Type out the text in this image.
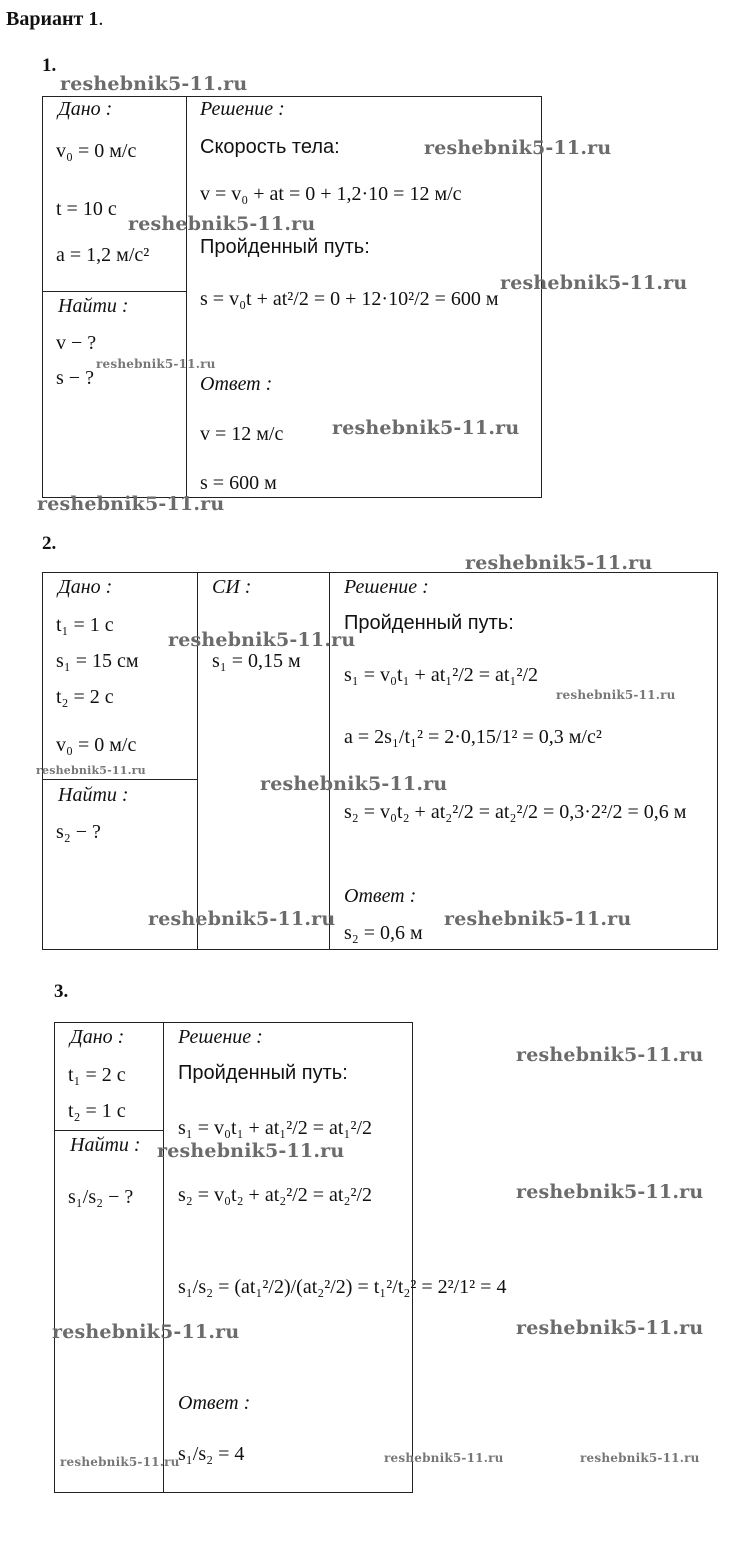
Вариант 1.
1.
Дано :
v₀ = 0 м/с
t = 10 с
a = 1,2 м/с²
Найти :
v − ?
s − ?
Решение :
Скорость тела:
v = v₀ + at = 0 + 1,2·10 = 12 м/с
Пройденный путь:
s = v₀t + at²/2 = 0 + 12·10²/2 = 600 м
Ответ :
v = 12 м/с
s = 600 м
2.
Дано :
t₁ = 1 с
s₁ = 15 см
t₂ = 2 с
v₀ = 0 м/с
Найти :
s₂ − ?
СИ :
s₁ = 0,15 м
Решение :
Пройденный путь:
s₁ = v₀t₁ + at₁²/2 = at₁²/2
a = 2s₁/t₁² = 2·0,15/1² = 0,3 м/с²
s₂ = v₀t₂ + at₂²/2 = at₂²/2 = 0,3·2²/2 = 0,6 м
Ответ :
s₂ = 0,6 м
3.
Дано :
t₁ = 2 с
t₂ = 1 с
Найти :
s₁/s₂ − ?
Решение :
Пройденный путь:
s₁ = v₀t₁ + at₁²/2 = at₁²/2
s₂ = v₀t₂ + at₂²/2 = at₂²/2
s₁/s₂ = (at₁²/2)/(at₂²/2) = t₁²/t₂² = 2²/1² = 4
Ответ :
s₁/s₂ = 4
reshebnik5-11.ru
reshebnik5-11.ru
reshebnik5-11.ru
reshebnik5-11.ru
reshebnik5-11.ru
reshebnik5-11.ru
reshebnik5-11.ru
reshebnik5-11.ru
reshebnik5-11.ru
reshebnik5-11.ru
reshebnik5-11.ru
reshebnik5-11.ru
reshebnik5-11.ru	reshebnik5-11.ru
reshebnik5-11.ru
reshebnik5-11.ru
reshebnik5-11.ru
reshebnik5-11.ru	reshebnik5-11.ru
reshebnik5-11.ru	reshebnik5-11.ru	reshebnik5-11.ru
